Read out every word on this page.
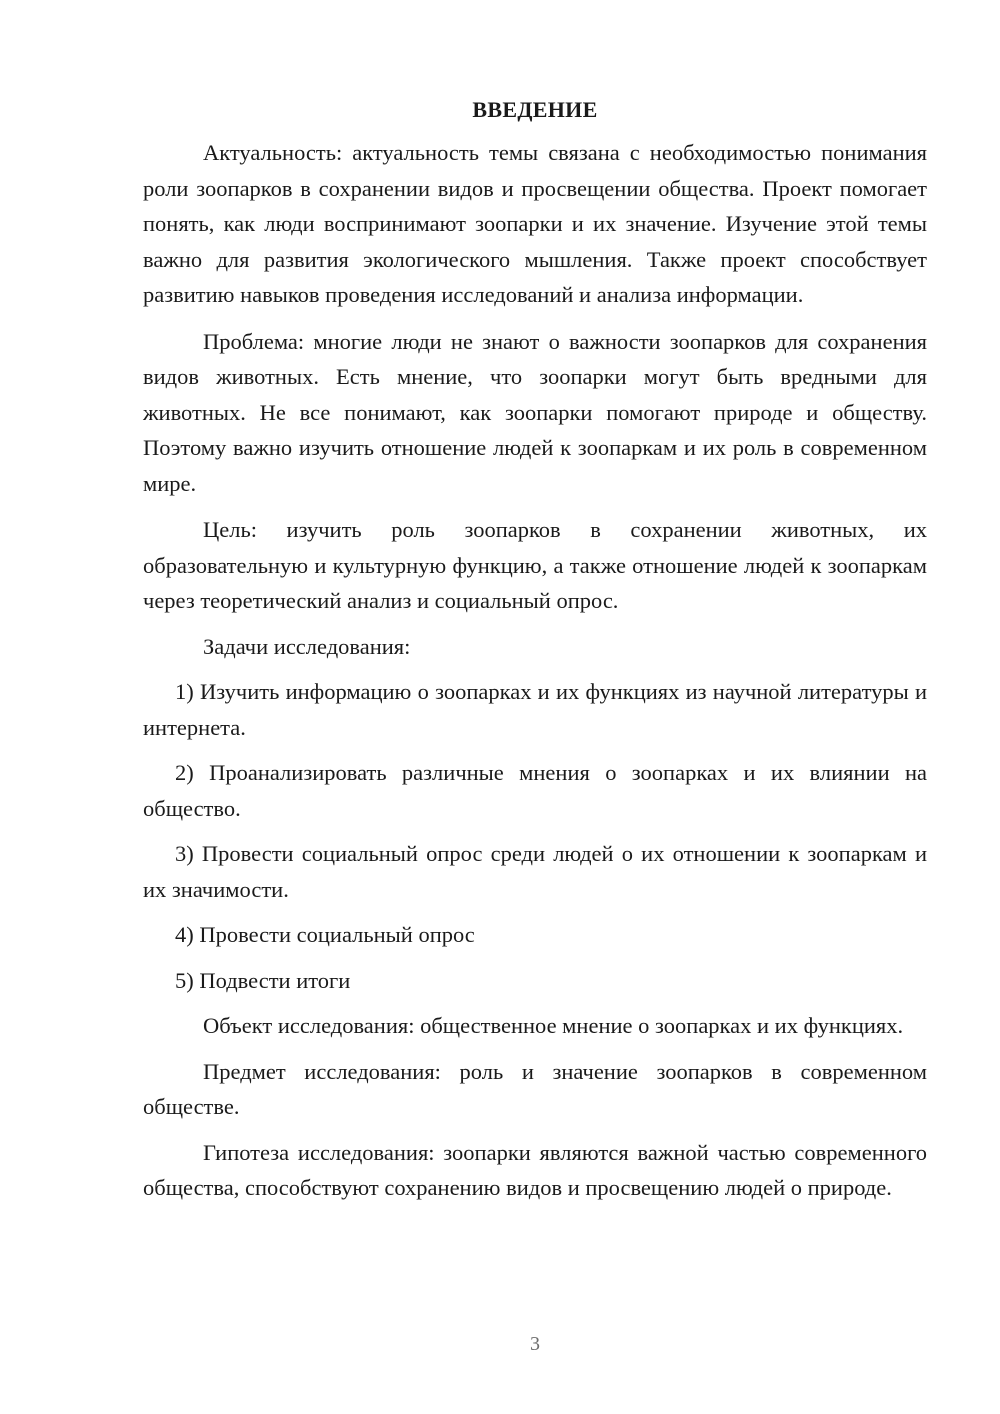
ВВЕДЕНИЕ

Актуальность: актуальность темы связана с необходимостью понимания роли зоопарков в сохранении видов и просвещении общества. Проект помогает понять, как люди воспринимают зоопарки и их значение. Изучение этой темы важно для развития экологического мышления. Также проект способствует развитию навыков проведения исследований и анализа информации.

Проблема: многие люди не знают о важности зоопарков для сохранения видов животных. Есть мнение, что зоопарки могут быть вредными для животных. Не все понимают, как зоопарки помогают природе и обществу. Поэтому важно изучить отношение людей к зоопаркам и их роль в современном мире.

Цель: изучить роль зоопарков в сохранении животных, их образовательную и культурную функцию, а также отношение людей к зоопаркам через теоретический анализ и социальный опрос.

Задачи исследования:

1) Изучить информацию о зоопарках и их функциях из научной литературы и интернета.

2) Проанализировать различные мнения о зоопарках и их влиянии на общество.

3) Провести социальный опрос среди людей о их отношении к зоопаркам и их значимости.

4) Провести социальный опрос

5) Подвести итоги

Объект исследования: общественное мнение о зоопарках и их функциях.

Предмет исследования: роль и значение зоопарков в современном обществе.

Гипотеза исследования: зоопарки являются важной частью современного общества, способствуют сохранению видов и просвещению людей о природе.

3
